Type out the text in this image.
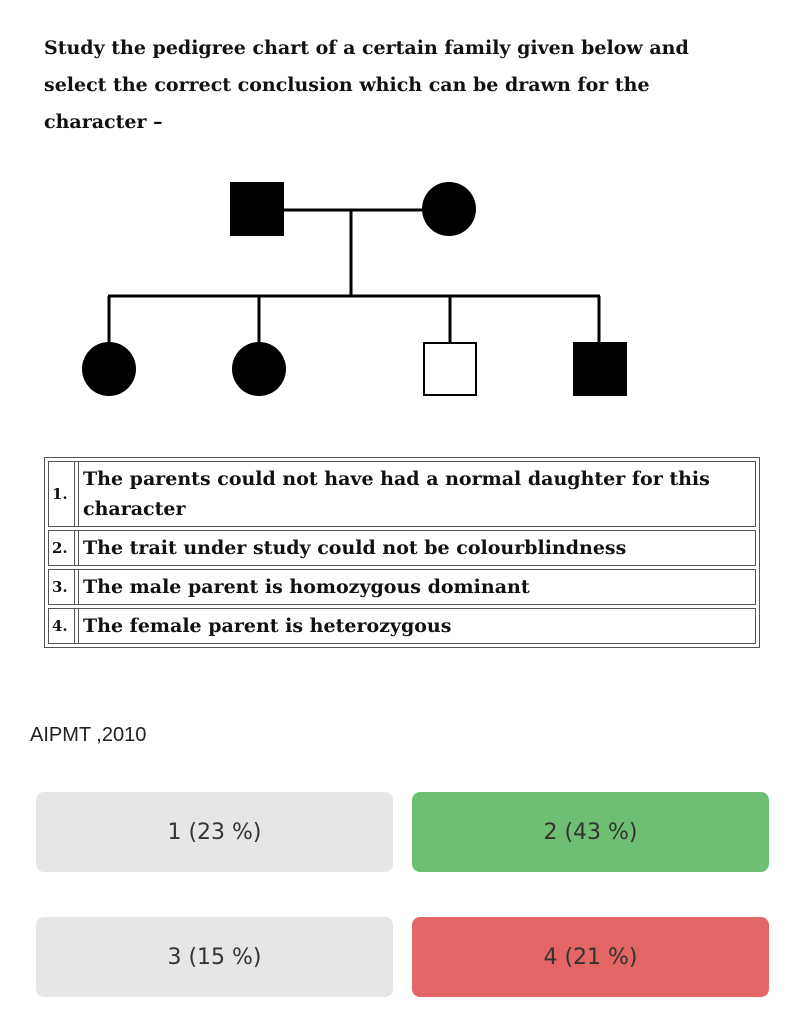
Study the pedigree chart of a certain family given below and
select the correct conclusion which can be drawn for the
character –
1.
The parents could not have had a normal daughter for this character
2. The trait under study could not be colourblindness
3. The male parent is homozygous dominant
4. The female parent is heterozygous
AIPMT ,2010
1 (23 %)	2 (43 %)
3 (15 %)	4 (21 %)
